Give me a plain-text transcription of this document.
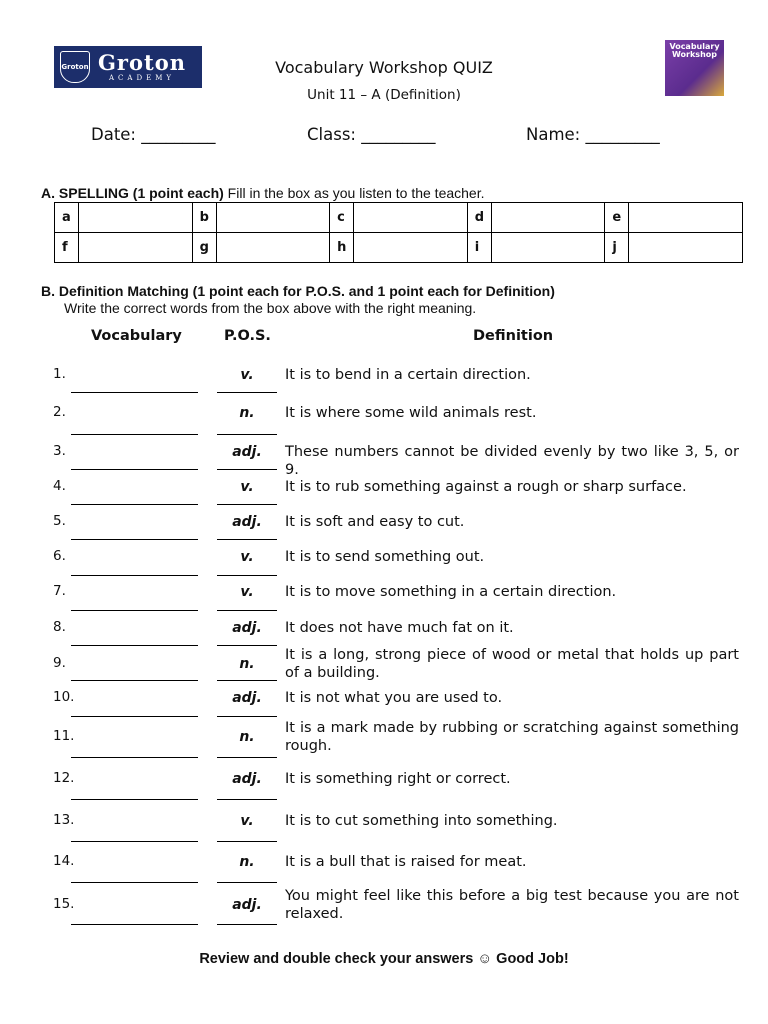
Groton Groton
ACADEMY
Vocabulary
Workshop
Vocabulary Workshop QUIZ
Unit 11 – A (Definition)
Date: _________	Class: _________	Name: _________
A. SPELLING (1 point each) Fill in the box as you listen to the teacher.
a		b		c		d		e	
f		g		h		i		j	
B. Definition Matching (1 point each for P.O.S. and 1 point each for Definition)
Write the correct words from the box above with the right meaning.
Vocabulary	P.O.S.	Definition
1.	v.	It is to bend in a certain direction.
2.	n.	It is where some wild animals rest.
3.	adj.	These numbers cannot be divided evenly by two like 3, 5, or 9.
4.	v.	It is to rub something against a rough or sharp surface.
5.	adj.	It is soft and easy to cut.
6.	v.	It is to send something out.
7.	v.	It is to move something in a certain direction.
8.	adj.	It does not have much fat on it.
9.	n.
It is a long, strong piece of wood or metal that holds up part of a building.
10.	adj.	It is not what you are used to.
11.	n.
It is a mark made by rubbing or scratching against something rough.
12.	adj.	It is something right or correct.
13.	v.	It is to cut something into something.
14.	n.	It is a bull that is raised for meat.
15.	adj.
You might feel like this before a big test because you are not relaxed.
Review and double check your answers ☺ Good Job!
